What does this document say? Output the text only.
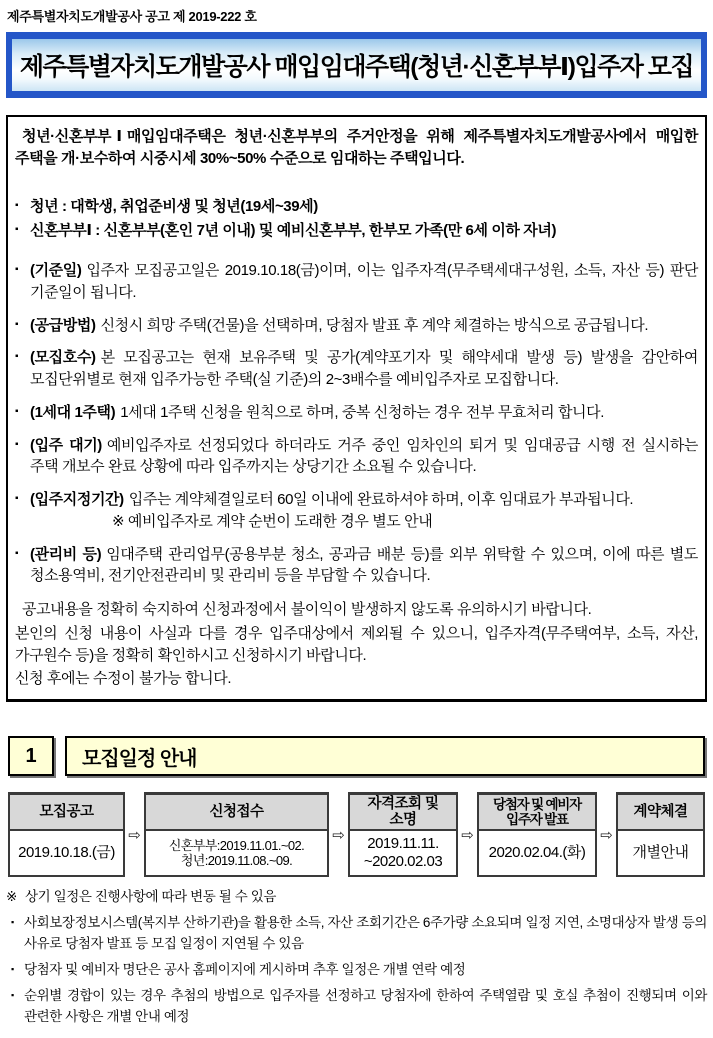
제주특별자치도개발공사 공고 제 2019-222 호
제주특별자치도개발공사 매입임대주택(청년·신혼부부Ⅰ)입주자 모집

청년·신혼부부Ⅰ매입임대주택은 청년·신혼부부의 주거안정을 위해 제주특별자치도개발공사에서 매입한 주택을 개·보수하여 시중시세 30%~50% 수준으로 임대하는 주택입니다.

▪ 청년 : 대학생, 취업준비생 및 청년(19세~39세)
▪ 신혼부부Ⅰ : 신혼부부(혼인 7년 이내) 및 예비신혼부부, 한부모 가족(만 6세 이하 자녀)
▪ (기준일) 입주자 모집공고일은 2019.10.18(금)이며, 이는 입주자격(무주택세대구성원, 소득, 자산 등) 판단 기준일이 됩니다.
▪ (공급방법) 신청시 희망 주택(건물)을 선택하며, 당첨자 발표 후 계약 체결하는 방식으로 공급됩니다.
▪ (모집호수) 본 모집공고는 현재 보유주택 및 공가(계약포기자 및 해약세대 발생 등) 발생을 감안하여 모집단위별로 현재 입주가능한 주택(실 기준)의 2~3배수를 예비입주자로 모집합니다.
▪ (1세대 1주택) 1세대 1주택 신청을 원칙으로 하며, 중복 신청하는 경우 전부 무효처리 합니다.
▪ (입주 대기) 예비입주자로 선정되었다 하더라도 거주 중인 임차인의 퇴거 및 임대공급 시행 전 실시하는 주택 개보수 완료 상황에 따라 입주까지는 상당기간 소요될 수 있습니다.
▪ (입주지정기간) 입주는 계약체결일로터 60일 이내에 완료하셔야 하며, 이후 임대료가 부과됩니다.
※ 예비입주자로 계약 순번이 도래한 경우 별도 안내
▪ (관리비 등) 임대주택 관리업무(공용부분 청소, 공과금 배분 등)를 외부 위탁할 수 있으며, 이에 따른 별도 청소용역비, 전기안전관리비 및 관리비 등을 부담할 수 있습니다.

공고내용을 정확히 숙지하여 신청과정에서 불이익이 발생하지 않도록 유의하시기 바랍니다.

본인의 신청 내용이 사실과 다를 경우 입주대상에서 제외될 수 있으니, 입주자격(무주택여부, 소득, 자산, 가구원수 등)을 정확히 확인하시고 신청하시기 바랍니다.

신청 후에는 수정이 불가능 합니다.

1	모집일정 안내
모집공고
2019.10.18.(금)
⇨
신청접수
신혼부부:2019.11.01.~02.
청년:2019.11.08.~09.
⇨
자격조회 및
소명
2019.11.11.
~2020.02.03
⇨
당첨자 및 예비자
입주자 발표
2020.02.04.(화)
⇨
계약체결
개별안내
※ 상기 일정은 진행사항에 따라 변동 될 수 있음
▪ 사회보장정보시스템(복지부 산하기관)을 활용한 소득, 자산 조회기간은 6주가량 소요되며 일정 지연, 소명대상자 발생 등의 사유로 당첨자 발표 등 모집 일정이 지연될 수 있음
▪ 당첨자 및 예비자 명단은 공사 홈페이지에 게시하며 추후 일정은 개별 연락 예정
▪ 순위별 경합이 있는 경우 추첨의 방법으로 입주자를 선정하고 당첨자에 한하여 주택열람 및 호실 추첨이 진행되며 이와 관련한 사항은 개별 안내 예정
